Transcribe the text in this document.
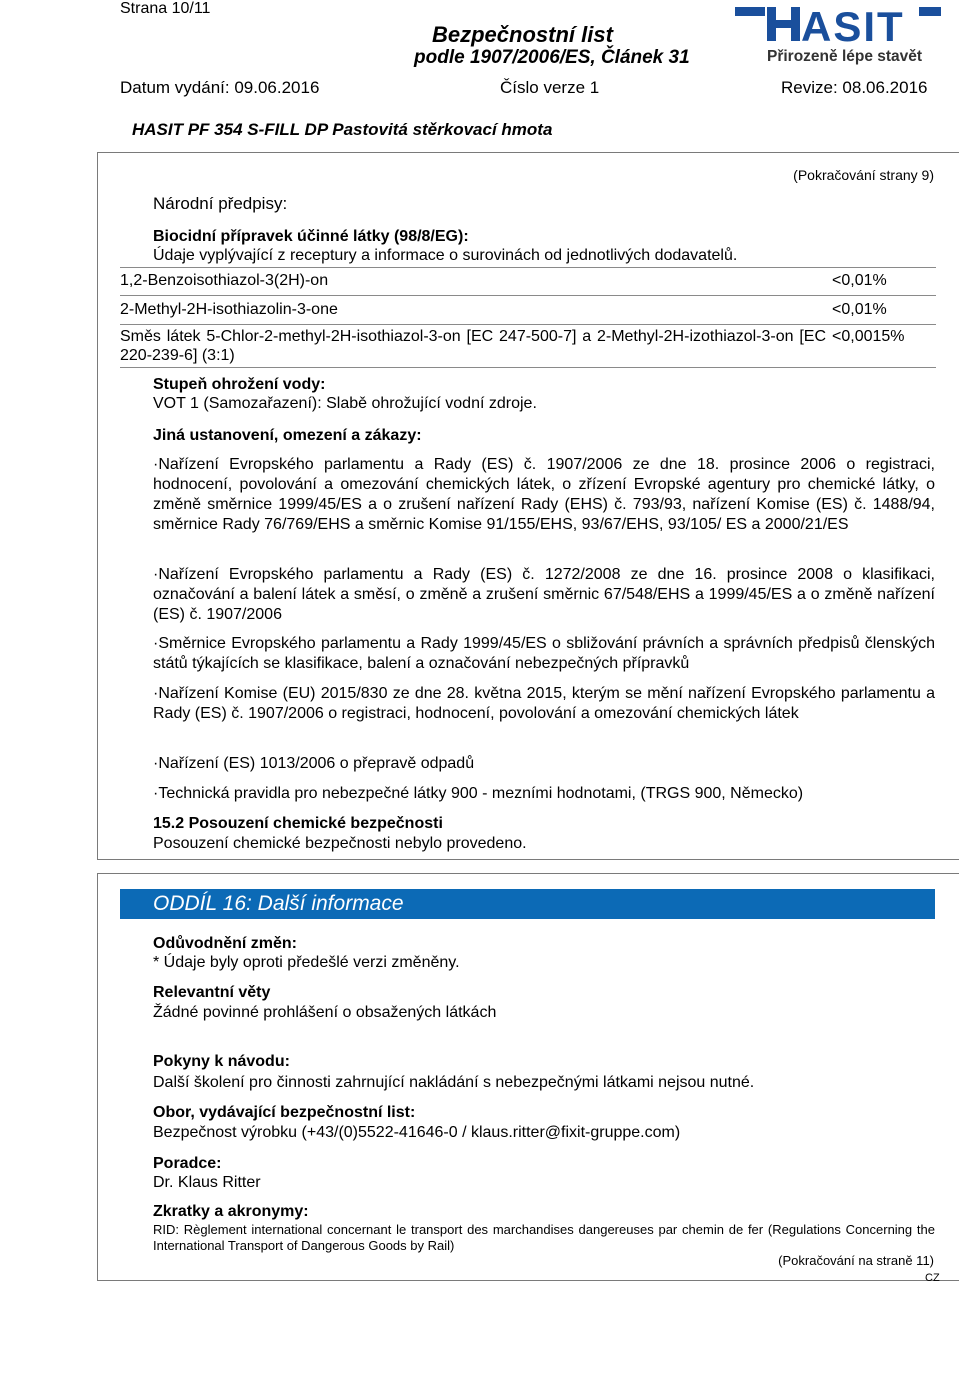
Strana 10/11
Bezpečnostní list
podle 1907/2006/ES, Článek 31
ASIT
Přirozeně lépe stavět
Datum vydání: 09.06.2016	Číslo verze 1	Revize: 08.06.2016
HASIT PF 354 S-FILL DP Pastovitá stěrkovací hmota
(Pokračování strany 9)
Národní předpisy:
Biocidní přípravek účinné látky (98/8/EG):
Údaje vyplývající z receptury a informace o surovinách od jednotlivých dodavatelů.
1,2-Benzoisothiazol-3(2H)-on	<0,01%
2-Methyl-2H-isothiazolin-3-one	<0,01%
Směs látek 5-Chlor-2-methyl-2H-isothiazol-3-on [EC 247-500-7] a 2-Methyl-2H-izothiazol-3-on [EC 220-239-6] (3:1)	<0,0015%
Stupeň ohrožení vody:
VOT 1 (Samozařazení): Slabě ohrožující vodní zdroje.
Jiná ustanovení, omezení a zákazy:
·Nařízení Evropského parlamentu a Rady (ES) č. 1907/2006 ze dne 18. prosince 2006 o registraci, hodnocení, povolování a omezování chemických látek, o zřízení Evropské agentury pro chemické látky, o změně směrnice 1999/45/ES a o zrušení nařízení Rady (EHS) č. 793/93, nařízení Komise (ES) č. 1488/94, směrnice Rady 76/769/EHS a směrnic Komise 91/155/EHS, 93/67/EHS, 93/105/ ES a 2000/21/ES
·Nařízení Evropského parlamentu a Rady (ES) č. 1272/2008 ze dne 16. prosince 2008 o klasifikaci, označování a balení látek a směsí, o změně a zrušení směrnic 67/548/EHS a 1999/45/ES a o změně nařízení (ES) č. 1907/2006
·Směrnice Evropského parlamentu a Rady 1999/45/ES o sbližování právních a správních předpisů členských států týkajících se klasifikace, balení a označování nebezpečných přípravků
·Nařízení Komise (EU) 2015/830 ze dne 28. května 2015, kterým se mění nařízení Evropského parlamentu a Rady (ES) č. 1907/2006 o registraci, hodnocení, povolování a omezování chemických látek
·Nařízení (ES) 1013/2006 o přepravě odpadů
·Technická pravidla pro nebezpečné látky 900 - mezními hodnotami, (TRGS 900, Německo)
15.2 Posouzení chemické bezpečnosti
Posouzení chemické bezpečnosti nebylo provedeno.
ODDÍL 16: Další informace
Odůvodnění změn:
* Údaje byly oproti předešlé verzi změněny.
Relevantní věty
Žádné povinné prohlášení o obsažených látkách
Pokyny k návodu:
Další školení pro činnosti zahrnující nakládání s nebezpečnými látkami nejsou nutné.
Obor, vydávající bezpečnostní list:
Bezpečnost výrobku (+43/(0)5522-41646-0 / klaus.ritter@fixit-gruppe.com)
Poradce:
Dr. Klaus Ritter
Zkratky a akronymy:
RID: Règlement international concernant le transport des marchandises dangereuses par chemin de fer (Regulations Concerning the International Transport of Dangerous Goods by Rail)
(Pokračování na straně 11)
CZ
